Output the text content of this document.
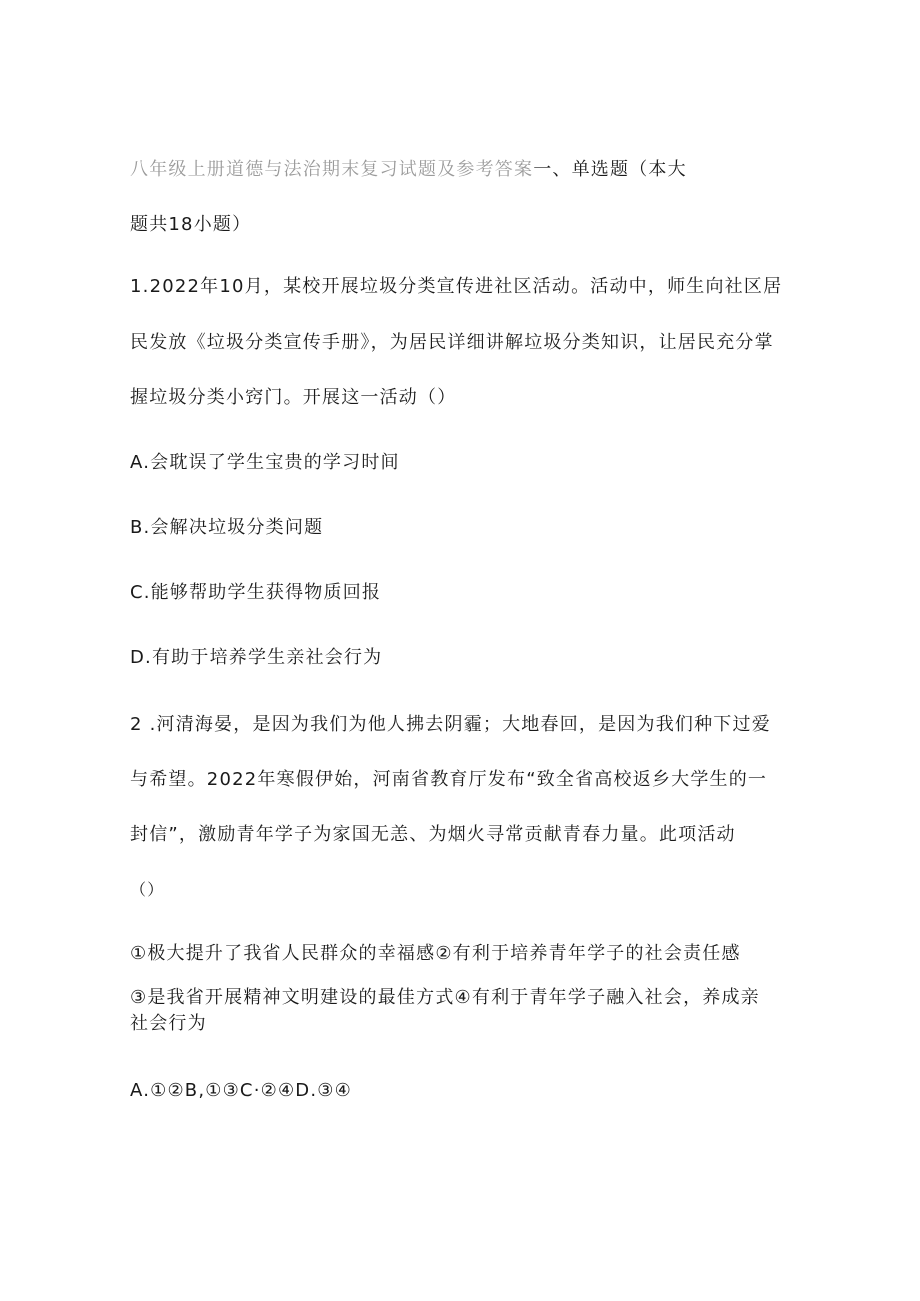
八年级上册道德与法治期末复习试题及参考答案一、单选题（本大
题共18小题）
1.2022年10月，某校开展垃圾分类宣传进社区活动。活动中，师生向社区居
民发放《垃圾分类宣传手册》，为居民详细讲解垃圾分类知识，让居民充分掌
握垃圾分类小窍门。开展这一活动（）
A.会耽误了学生宝贵的学习时间
B.会解决垃圾分类问题
C.能够帮助学生获得物质回报
D.有助于培养学生亲社会行为
2 .河清海晏，是因为我们为他人拂去阴霾；大地春回，是因为我们种下过爱
与希望。2022年寒假伊始，河南省教育厅发布“致全省高校返乡大学生的一
封信”，激励青年学子为家国无恙、为烟火寻常贡献青春力量。此项活动
（）
①极大提升了我省人民群众的幸福感②有利于培养青年学子的社会责任感
③是我省开展精神文明建设的最佳方式④有利于青年学子融入社会，养成亲
社会行为
A.①②B,①③C·②④D.③④
